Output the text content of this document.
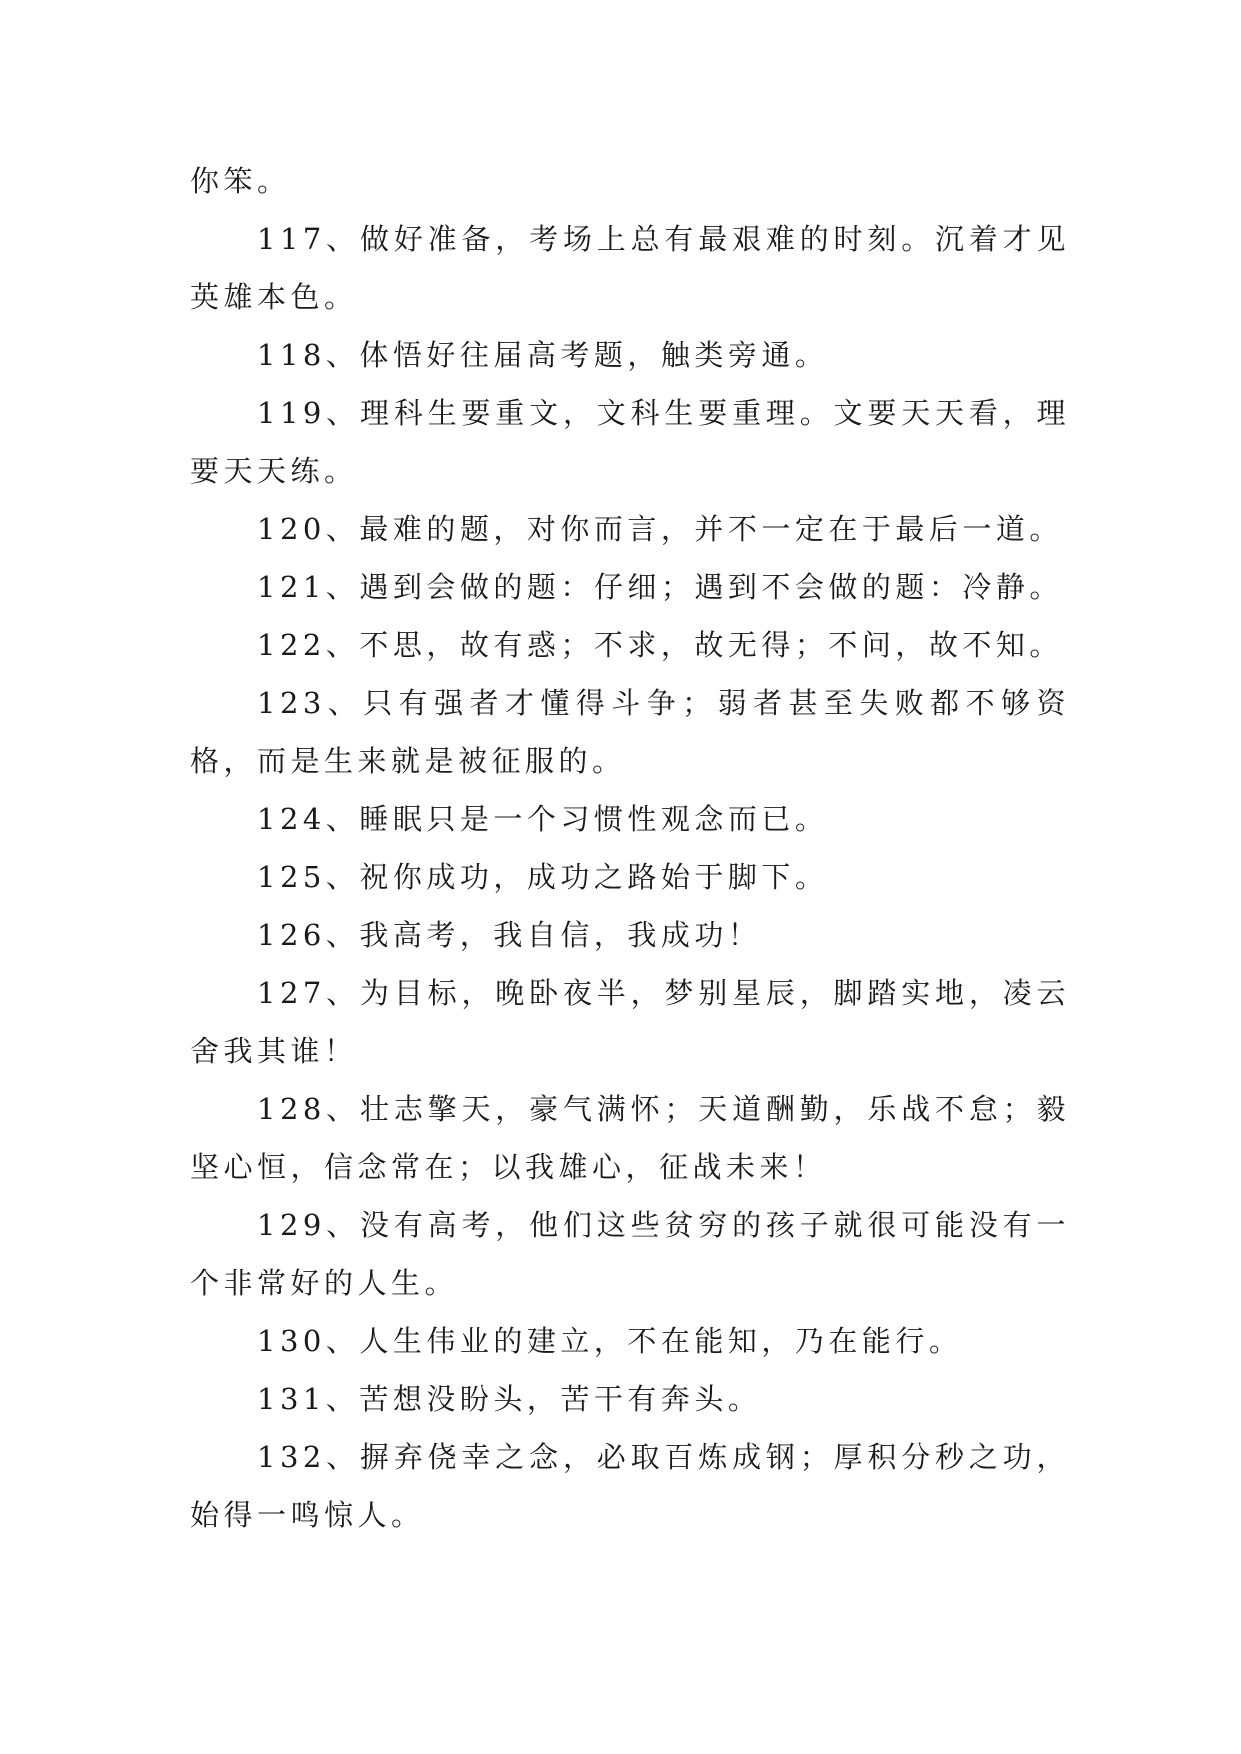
你笨。

117、做好准备，考场上总有最艰难的时刻。沉着才见英雄本色。

118、体悟好往届高考题，触类旁通。

119、理科生要重文，文科生要重理。文要天天看，理要天天练。

120、最难的题，对你而言，并不一定在于最后一道。

121、遇到会做的题：仔细；遇到不会做的题：冷静。

122、不思，故有惑；不求，故无得；不问，故不知。

123、只有强者才懂得斗争；弱者甚至失败都不够资格，而是生来就是被征服的。

124、睡眠只是一个习惯性观念而已。

125、祝你成功，成功之路始于脚下。

126、我高考，我自信，我成功！

127、为目标，晚卧夜半，梦别星辰，脚踏实地，凌云舍我其谁！

128、壮志擎天，豪气满怀；天道酬勤，乐战不怠；毅坚心恒，信念常在；以我雄心，征战未来！

129、没有高考，他们这些贫穷的孩子就很可能没有一个非常好的人生。

130、人生伟业的建立，不在能知，乃在能行。

131、苦想没盼头，苦干有奔头。

132、摒弃侥幸之念，必取百炼成钢；厚积分秒之功，始得一鸣惊人。
